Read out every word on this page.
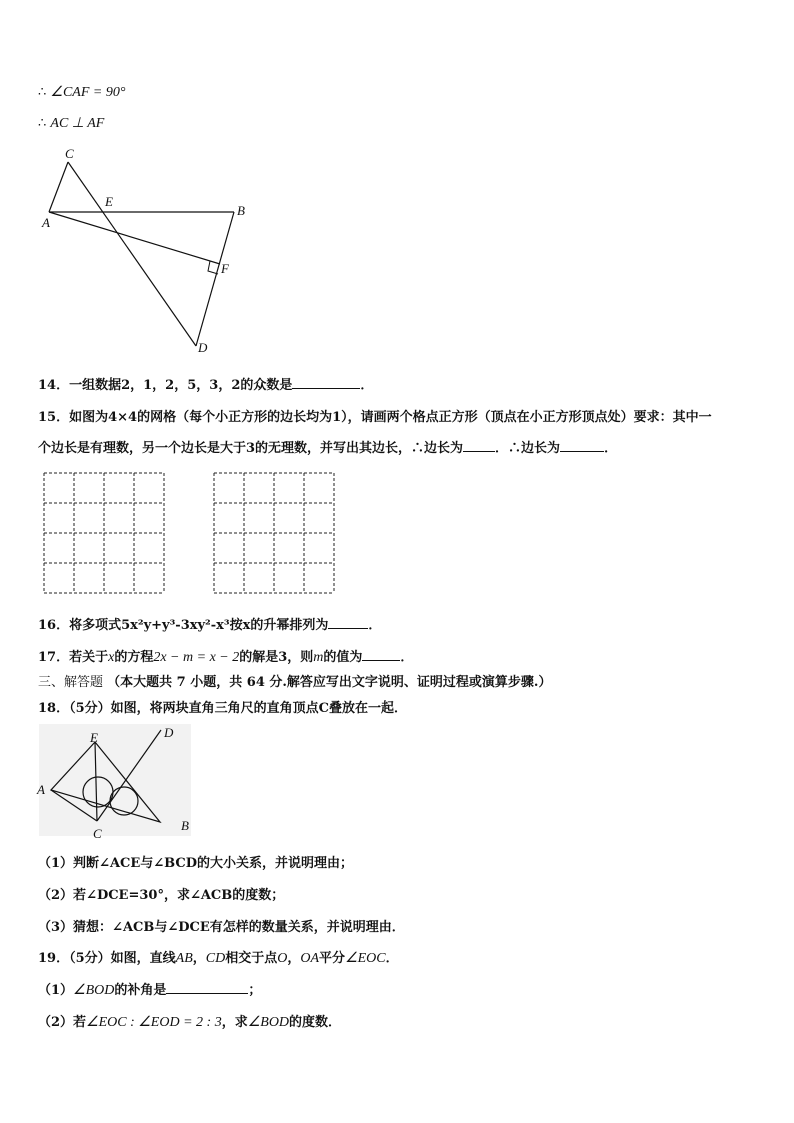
∴ ∠CAF = 90°
∴ AC ⊥ AF
C
E
B
A
F
D
14．一组数据2，1，2，5，3，2的众数是	．
15．如图为4×4的网格（每个小正方形的边长均为1），请画两个格点正方形（顶点在小正方形顶点处）要求：其中一
个边长是有理数，另一个边长是大于3的无理数，并写出其边长，∴边长为 ．∴边长为	．
16．将多项式5x²y+y³-3xy²-x³按x的升幂排列为	．
17．若关于x的方程2x − m = x − 2的解是3，则m的值为	．
三、解答题 （本大题共 7 小题，共 64 分.解答应写出文字说明、证明过程或演算步骤.）
18．（5分）如图，将两块直角三角尺的直角顶点C叠放在一起．
E	D
A
C
B
（1）判断∠ACE与∠BCD的大小关系，并说明理由；
（2）若∠DCE=30°，求∠ACB的度数；
（3）猜想：∠ACB与∠DCE有怎样的数量关系，并说明理由．
19．（5分）如图，直线AB，CD相交于点O，OA平分∠EOC．
（1）∠BOD的补角是	；
（2）若∠EOC : ∠EOD = 2 : 3，求∠BOD的度数．
